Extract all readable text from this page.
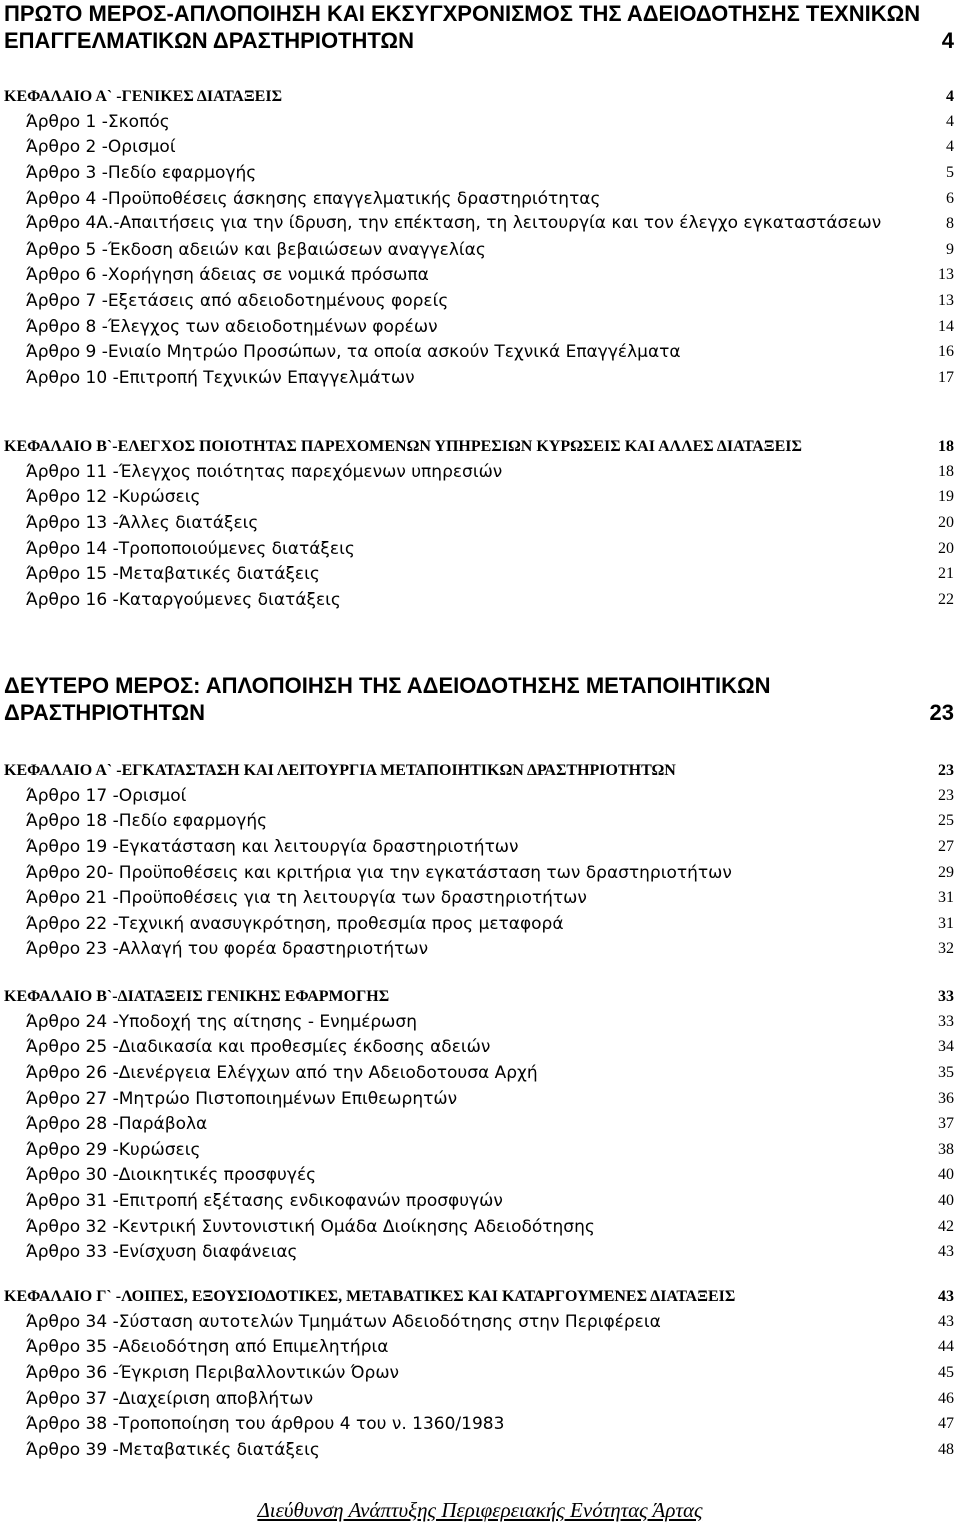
ΠΡΩΤΟ ΜΕΡΟΣ-ΑΠΛΟΠΟΙΗΣΗ ΚΑΙ ΕΚΣΥΓΧΡΟΝΙΣΜΟΣ ΤΗΣ ΑΔΕΙΟΔΟΤΗΣΗΣ ΤΕΧΝΙΚΩΝ ΕΠΑΓΓΕΛΜΑΤΙΚΩΝ ΔΡΑΣΤΗΡΙΟΤΗΤΩΝ	4
ΚΕΦΑΛΑΙΟ Α` -ΓΕΝΙΚΕΣ ΔΙΑΤΑΞΕΙΣ	4
Άρθρο 1 -Σκοπός	4
Άρθρο 2 -Ορισμοί	4
Άρθρο 3 -Πεδίο εφαρμογής	5
Άρθρο 4 -Προϋποθέσεις άσκησης επαγγελματικής δραστηριότητας	6
Άρθρο 4Α.-Απαιτήσεις για την ίδρυση, την επέκταση, τη λειτουργία και τον έλεγχο εγκαταστάσεων	8
Άρθρο 5 -Έκδοση αδειών και βεβαιώσεων αναγγελίας	9
Άρθρο 6 -Χορήγηση άδειας σε νομικά πρόσωπα	13
Άρθρο 7 -Εξετάσεις από αδειοδοτημένους φορείς	13
Άρθρο 8 -Έλεγχος των αδειοδοτημένων φορέων	14
Άρθρο 9 -Ενιαίο Μητρώο Προσώπων, τα οποία ασκούν Τεχνικά Επαγγέλματα	16
Άρθρο 10 -Επιτροπή Τεχνικών Επαγγελμάτων	17
ΚΕΦΑΛΑΙΟ Β`-ΕΛΕΓΧΟΣ ΠΟΙΟΤΗΤΑΣ ΠΑΡΕΧΟΜΕΝΩΝ ΥΠΗΡΕΣΙΩΝ ΚΥΡΩΣΕΙΣ ΚΑΙ ΑΛΛΕΣ ΔΙΑΤΑΞΕΙΣ	18
Άρθρο 11 -Έλεγχος ποιότητας παρεχόμενων υπηρεσιών	18
Άρθρο 12 -Κυρώσεις	19
Άρθρο 13 -Άλλες διατάξεις	20
Άρθρο 14 -Τροποποιούμενες διατάξεις	20
Άρθρο 15 -Μεταβατικές διατάξεις	21
Άρθρο 16 -Καταργούμενες διατάξεις	22
ΔΕΥΤΕΡΟ ΜΕΡΟΣ: ΑΠΛΟΠΟΙΗΣΗ ΤΗΣ ΑΔΕΙΟΔΟΤΗΣΗΣ ΜΕΤΑΠΟΙΗΤΙΚΩΝ ΔΡΑΣΤΗΡΙΟΤΗΤΩΝ	23
ΚΕΦΑΛΑΙΟ Α` -ΕΓΚΑΤΑΣΤΑΣΗ ΚΑΙ ΛΕΙΤΟΥΡΓΙΑ ΜΕΤΑΠΟΙΗΤΙΚΩΝ ΔΡΑΣΤΗΡΙΟΤΗΤΩΝ	23
Άρθρο 17 -Ορισμοί	23
Άρθρο 18 -Πεδίο εφαρμογής	25
Άρθρο 19 -Εγκατάσταση και λειτουργία δραστηριοτήτων	27
Άρθρο 20- Προϋποθέσεις και κριτήρια για την εγκατάσταση των δραστηριοτήτων	29
Άρθρο 21 -Προϋποθέσεις για τη λειτουργία των δραστηριοτήτων	31
Άρθρο 22 -Τεχνική ανασυγκρότηση, προθεσμία προς μεταφορά	31
Άρθρο 23 -Αλλαγή του φορέα δραστηριοτήτων	32
ΚΕΦΑΛΑΙΟ Β`-ΔΙΑΤΑΞΕΙΣ ΓΕΝΙΚΗΣ ΕΦΑΡΜΟΓΗΣ	33
Άρθρο 24 -Υποδοχή της αίτησης - Ενημέρωση	33
Άρθρο 25 -Διαδικασία και προθεσμίες έκδοσης αδειών	34
Άρθρο 26 -Διενέργεια Ελέγχων από την Αδειοδοτουσα Αρχή	35
Άρθρο 27 -Μητρώο Πιστοποιημένων Επιθεωρητών	36
Άρθρο 28 -Παράβολα	37
Άρθρο 29 -Κυρώσεις	38
Άρθρο 30 -Διοικητικές προσφυγές	40
Άρθρο 31 -Επιτροπή εξέτασης ενδικοφανών προσφυγών	40
Άρθρο 32 -Κεντρική Συντονιστική Ομάδα Διοίκησης Αδειοδότησης	42
Άρθρο 33 -Ενίσχυση διαφάνειας	43
ΚΕΦΑΛΑΙΟ Γ` -ΛΟΙΠΕΣ, ΕΞΟΥΣΙΟΔΟΤΙΚΕΣ, ΜΕΤΑΒΑΤΙΚΕΣ ΚΑΙ ΚΑΤΑΡΓΟΥΜΕΝΕΣ ΔΙΑΤΑΞΕΙΣ	43
Άρθρο 34 -Σύσταση αυτοτελών Τμημάτων Αδειοδότησης στην Περιφέρεια	43
Άρθρο 35 -Αδειοδότηση από Επιμελητήρια	44
Άρθρο 36 -Έγκριση Περιβαλλοντικών Όρων	45
Άρθρο 37 -Διαχείριση αποβλήτων	46
Άρθρο 38 -Τροποποίηση του άρθρου 4 του ν. 1360/1983	47
Άρθρο 39 -Μεταβατικές διατάξεις	48
Διεύθυνση Ανάπτυξης Περιφερειακής Ενότητας Άρτας
